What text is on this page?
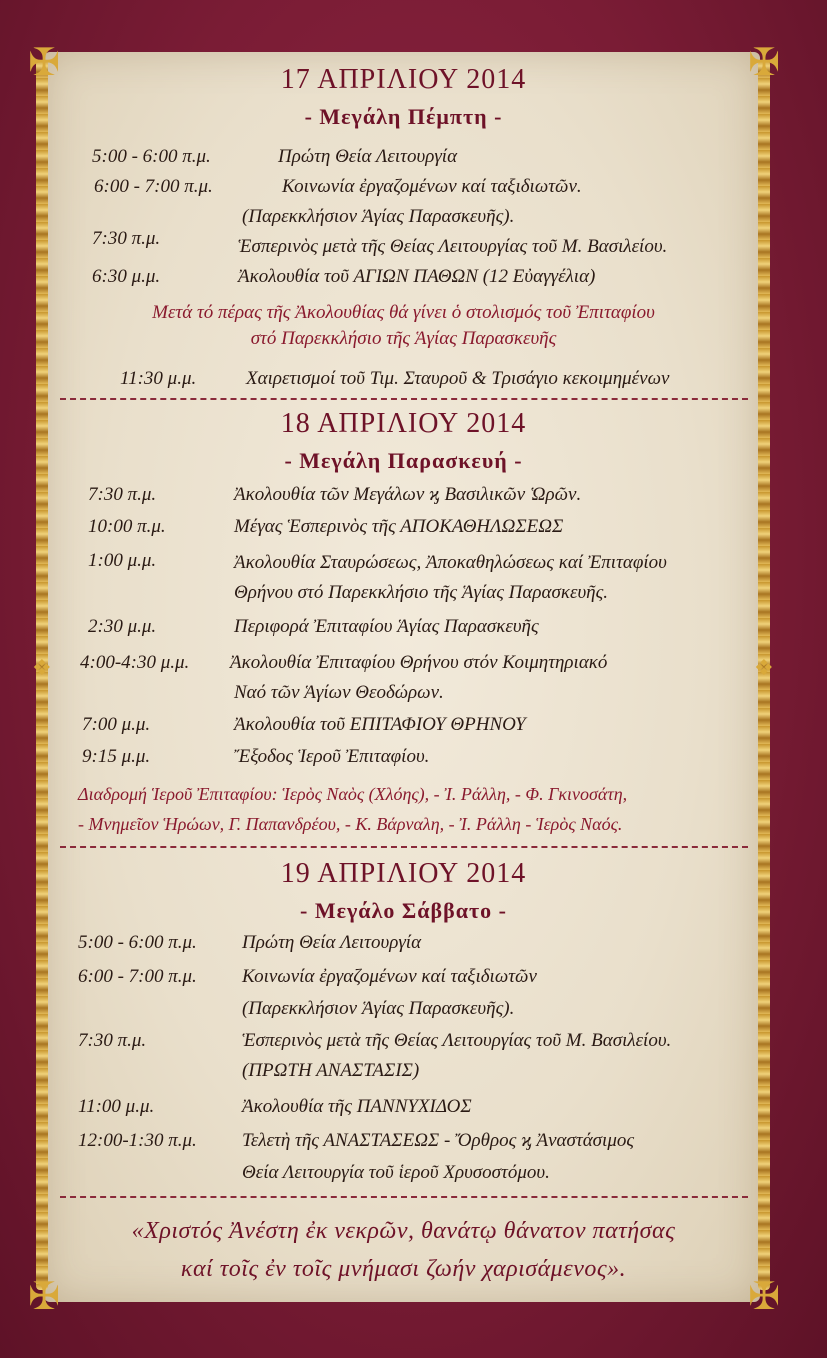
✠	✠
✠	✠
❖	❖
17 ΑΠΡΙΛΙΟΥ 2014
- Μεγάλη Πέμπτη -
5:00 - 6:00 π.μ.	Πρώτη Θεία Λειτουργία
6:00 - 7:00 π.μ.	Κοινωνία ἐργαζομένων καί ταξιδιωτῶν.
(Παρεκκλήσιον Ἁγίας Παρασκευῆς).
7:30 π.μ.	Ἑσπερινὸς μετὰ τῆς Θείας Λειτουργίας τοῦ Μ. Βασιλείου.
6:30 μ.μ.	Ἀκολουθία τοῦ ΑΓΙΩΝ ΠΑΘΩΝ (12 Εὐαγγέλια)
Μετά τό πέρας τῆς Ἀκολουθίας θά γίνει ὁ στολισμός τοῦ Ἐπιταφίου
στό Παρεκκλήσιο τῆς Ἁγίας Παρασκευῆς
11:30 μ.μ.	Χαιρετισμοί τοῦ Τιμ. Σταυροῦ & Τρισάγιο κεκοιμημένων
18 ΑΠΡΙΛΙΟΥ 2014
- Μεγάλη Παρασκευή -
7:30 π.μ.	Ἀκολουθία τῶν Μεγάλων ϗ Βασιλικῶν Ὡρῶν.
10:00 π.μ.	Μέγας Ἑσπερινὸς τῆς ΑΠΟΚΑΘΗΛΩΣΕΩΣ
1:00 μ.μ.	Ἀκολουθία Σταυρώσεως, Ἀποκαθηλώσεως καί Ἐπιταφίου
Θρήνου στό Παρεκκλήσιο τῆς Ἁγίας Παρασκευῆς.
2:30 μ.μ.	Περιφορά Ἐπιταφίου Ἁγίας Παρασκευῆς
4:00-4:30 μ.μ. Ἀκολουθία Ἐπιταφίου Θρήνου στόν Κοιμητηριακό
Ναό τῶν Ἁγίων Θεοδώρων.
7:00 μ.μ.	Ἀκολουθία τοῦ ΕΠΙΤΑΦΙΟΥ ΘΡΗΝΟΥ
9:15 μ.μ.	Ἔξοδος Ἱεροῦ Ἐπιταφίου.
Διαδρομή Ἱεροῦ Ἐπιταφίου: Ἱερὸς Ναὸς (Χλόης), - Ἰ. Ράλλη, - Φ. Γκινοσάτη,
- Μνημεῖον Ἡρώων, Γ. Παπανδρέου, - Κ. Βάρναλη, - Ἰ. Ράλλη - Ἱερὸς Ναός.
19 ΑΠΡΙΛΙΟΥ 2014
- Μεγάλο Σάββατο -
5:00 - 6:00 π.μ. Πρώτη Θεία Λειτουργία
6:00 - 7:00 π.μ. Κοινωνία ἐργαζομένων καί ταξιδιωτῶν
(Παρεκκλήσιον Ἁγίας Παρασκευῆς).
7:30 π.μ.	Ἑσπερινὸς μετὰ τῆς Θείας Λειτουργίας τοῦ Μ. Βασιλείου.
(ΠΡΩΤΗ ΑΝΑΣΤΑΣΙΣ)
11:00 μ.μ.	Ἀκολουθία τῆς ΠΑΝΝΥΧΙΔΟΣ
12:00-1:30 π.μ. Τελετὴ τῆς ΑΝΑΣΤΑΣΕΩΣ - Ὄρθρος ϗ Ἀναστάσιμος
Θεία Λειτουργία τοῦ ἱεροῦ Χρυσοστόμου.
«Χριστός Ἀνέστη ἐκ νεκρῶν, θανάτῳ θάνατον πατήσας
καί τοῖς ἐν τοῖς μνήμασι ζωήν χαρισάμενος».
